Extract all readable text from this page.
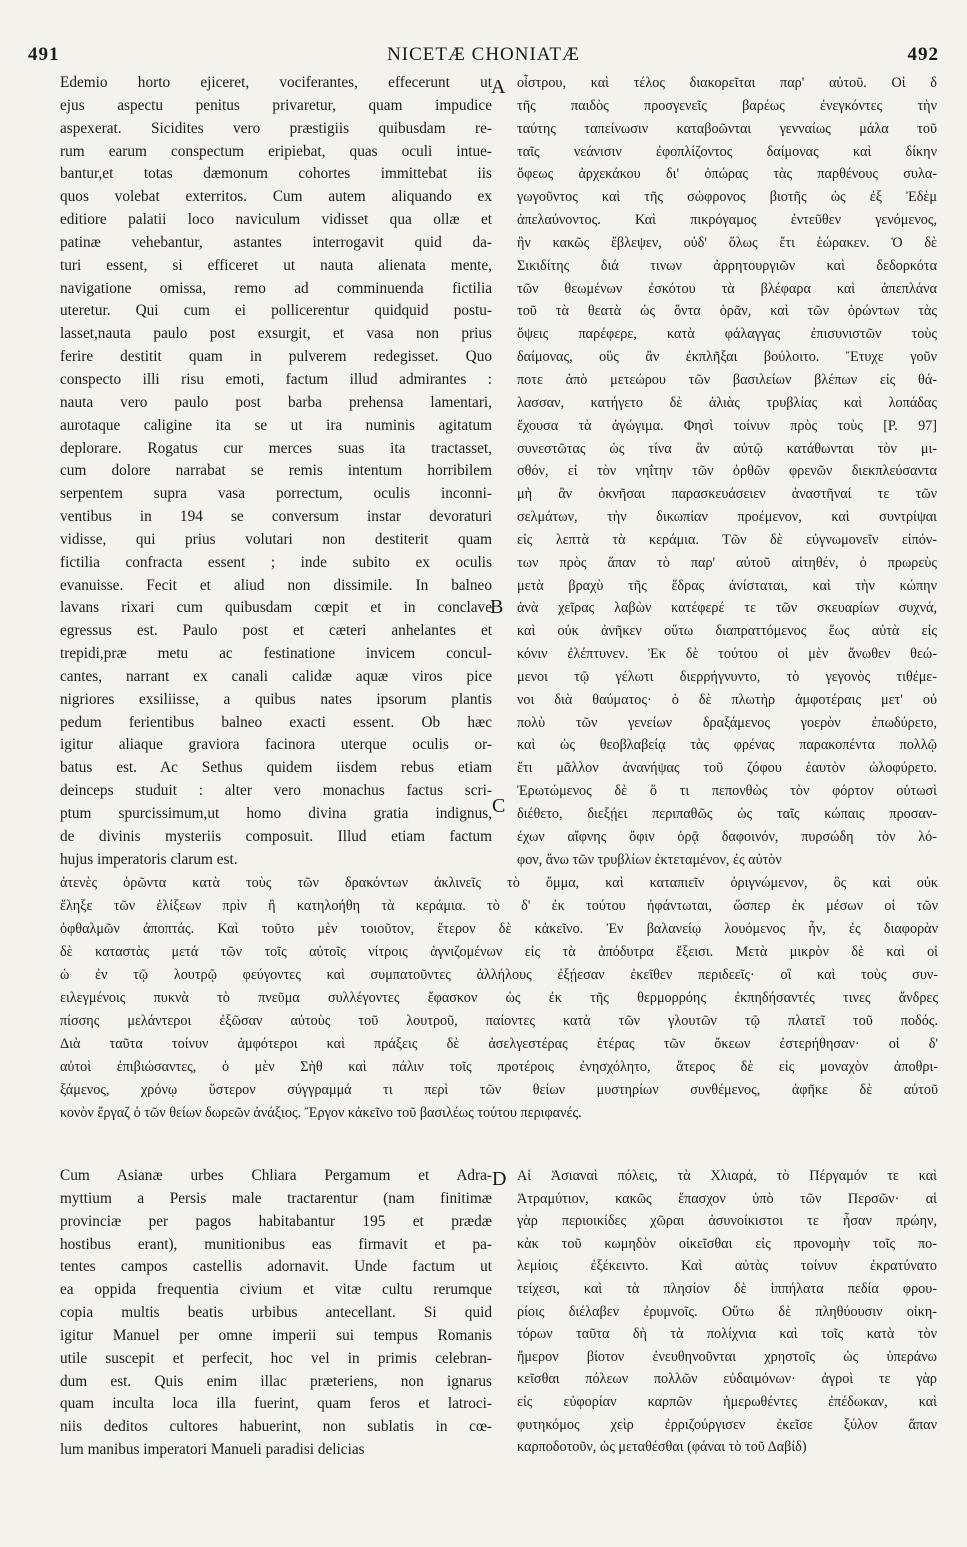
491	NICETÆ CHONIATÆ	492
A
B
C
D
Edemio horto ejiceret, vociferantes, effecerunt ut
ejus aspectu penitus privaretur, quam impudice
aspexerat. Sicidites vero præstigiis quibusdam re-
rum earum conspectum eripiebat, quas oculi intue-
bantur,et totas dæmonum cohortes immittebat iis
quos volebat exterritos. Cum autem aliquando ex
editiore palatii loco naviculum vidisset qua ollæ et
patinæ vehebantur, astantes interrogavit quid da-
turi essent, si efficeret ut nauta alienata mente,
navigatione omissa, remo ad comminuenda fictilia
uteretur. Qui cum ei pollicerentur quidquid postu-
lasset,nauta paulo post exsurgit, et vasa non prius
ferire destitit quam in pulverem redegisset. Quo
conspecto illi risu emoti, factum illud admirantes :
nauta vero paulo post barba prehensa lamentari,
aurotaque caligine ita se ut ira numinis agitatum
deplorare. Rogatus cur merces suas ita tractasset,
cum dolore narrabat se remis intentum horribilem
serpentem supra vasa porrectum, oculis inconni-
ventibus in 194 se conversum instar devoraturi
vidisse, qui prius volutari non destiterit quam
fictilia confracta essent ; inde subito ex oculis
evanuisse. Fecit et aliud non dissimile. In balneo
lavans rixari cum quibusdam cœpit et in conclave
egressus est. Paulo post et cæteri anhelantes et
trepidi,præ metu ac festinatione invicem concul-
cantes, narrant ex canali calidæ aquæ viros pice
nigriores exsiliisse, a quibus nates ipsorum plantis
pedum ferientibus balneo exacti essent. Ob hæc
igitur aliaque graviora facinora uterque oculis or-
batus est. Ac Sethus quidem iisdem rebus etiam
deinceps studuit : alter vero monachus factus scri-
ptum spurcissimum,ut homo divina gratia indignus,
de divinis mysteriis composuit. Illud etiam factum
hujus imperatoris clarum est.
οἶστρου, καὶ τέλος διακορεῖται παρ' αὐτοῦ. Οἱ δ
τῆς παιδὸς προσγενεῖς βαρέως ἐνεγκόντες τὴν
ταύτης ταπείνωσιν καταβοῶνται γενναίως μάλα τοῦ
ταῖς νεάνισιν ἐφοπλίζοντος δαίμονας καὶ δίκην
ὄφεως ἀρχεκάκου δι' ὀπώρας τὰς παρθένους συλα-
γωγοῦντος καὶ τῆς σώφρονος βιοτῆς ὡς ἐξ Ἐδὲμ
ἀπελαύνοντος. Καὶ πικρόγαμος ἐντεῦθεν γενόμενος,
ἣν κακῶς ἔβλεψεν, οὐδ' ὅλως ἔτι ἑώρακεν. Ὁ δὲ
Σικιδίτης διά τινων ἀρρητουργιῶν καὶ δεδορκότα
τῶν θεωμένων ἐσκότου τὰ βλέφαρα καὶ ἀπεπλάνα
τοῦ τὰ θεατὰ ὡς ὄντα ὁρᾶν, καὶ τῶν ὁρώντων τὰς
ὄψεις παρέφερε, κατὰ φάλαγγας ἐπισυνιστῶν τοὺς
δαίμονας, οὓς ἂν ἐκπλῆξαι βούλοιτο. Ἔτυχε γοῦν
ποτε ἀπὸ μετεώρου τῶν βασιλείων βλέπων εἰς θά-
λασσαν, κατήγετο δὲ ἀλιὰς τρυβλίας καὶ λοπάδας
ἔχουσα τὰ ἀγώγιμα. Φησὶ τοίνυν πρὸς τοὺς [P. 97]
συνεστῶτας ὡς τίνα ἂν αὐτῷ κατάθωνται τὸν μι-
σθόν, εἰ τὸν νηΐτην τῶν ὀρθῶν φρενῶν διεκπλεύσαντα
μὴ ἂν ὀκνῆσαι παρασκευάσειεν ἀναστῆναί τε τῶν
σελμάτων, τὴν δικωπίαν προέμενον, καὶ συντρίψαι
εἰς λεπτὰ τὰ κεράμια. Τῶν δὲ εὐγνωμονεῖν εἰπόν-
των πρὸς ἅπαν τὸ παρ' αὐτοῦ αἰτηθέν, ὁ πρωρεὺς
μετὰ βραχὺ τῆς ἕδρας ἀνίσταται, καὶ τὴν κώπην
ἀνὰ χεῖρας λαβὼν κατέφερέ τε τῶν σκευαρίων συχνά,
καὶ οὐκ ἀνῆκεν οὕτω διαπραττόμενος ἕως αὐτὰ εἰς
κόνιν ἐλέπτυνεν. Ἐκ δὲ τούτου οἱ μὲν ἄνωθεν θεώ-
μενοι τῷ γέλωτι διερρήγνυντο, τὸ γεγονὸς τιθέμε-
νοι διὰ θαύματος· ὁ δὲ πλωτὴρ ἀμφοτέραις μετ' οὐ
πολὺ τῶν γενείων δραξάμενος γοερὸν ἐπωδύρετο,
καὶ ὡς θεοβλαβείᾳ τὰς φρένας παρακοπέντα πολλῷ
ἔτι μᾶλλον ἀνανήψας τοῦ ζόφου ἑαυτὸν ὠλοφύρετο.
Ἐρωτώμενος δὲ ὅ τι πεπονθὼς τὸν φόρτον οὑτωσὶ
διέθετο, διεξῄει περιπαθῶς ὡς ταῖς κώπαις προσαν-
έχων αἴφνης ὄφιν ὁρᾷ δαφοινόν, πυρσώδη τὸν λό-
φον, ἄνω τῶν τρυβλίων ἐκτεταμένον, ἐς αὐτὸν
ἀτενὲς ὁρῶντα κατὰ τοὺς τῶν δρακόντων ἀκλινεῖς τὸ ὄμμα, καὶ καταπιεῖν ὀριγνώμενον, ὃς καὶ οὐκ
ἔληξε τῶν ἑλίξεων πρὶν ἢ κατηλοήθη τὰ κεράμια. τὸ δ' ἐκ τούτου ἠφάντωται, ὥσπερ ἐκ μέσων οἱ τῶν
ὀφθαλμῶν ἀποπτάς. Καὶ τοῦτο μὲν τοιοῦτον, ἕτερον δὲ κἀκεῖνο. Ἐν βαλανείῳ λουόμενος ἦν, ἐς διαφορὰν
δὲ καταστὰς μετά τῶν τοῖς αὐτοῖς νίτροις ἁγνιζομένων εἰς τὰ ἀπόδυτρα ἔξεισι. Μετὰ μικρὸν δὲ καὶ οἱ
ὡ ἐν τῷ λουτρῷ φεύγοντες καὶ συμπατοῦντες ἀλλήλους ἐξῄεσαν ἐκεῖθεν περιδεεῖς· οἳ καὶ τοὺς συν-
ειλεγμένοις πυκνὰ τὸ πνεῦμα συλλέγοντες ἔφασκον ὡς ἐκ τῆς θερμορρόης ἐκπηδήσαντές τινες ἄνδρες
πίσσης μελάντεροι ἐξῶσαν αὐτοὺς τοῦ λουτροῦ, παίοντες κατὰ τῶν γλουτῶν τῷ πλατεῖ τοῦ ποδός.
Διὰ ταῦτα τοίνυν ἀμφότεροι καὶ πράξεις δὲ ἀσελγεστέρας ἑτέρας τῶν ὄκεων ἐστερήθησαν· οἱ δ'
αὐτοὶ ἐπιβιώσαντες, ὁ μὲν Σὴθ καὶ πάλιν τοῖς προτέροις ἐνησχόλητο, ἅτερος δὲ εἰς μοναχὸν ἀποθρι-
ξάμενος, χρόνῳ ὕστερον σύγγραμμά τι περὶ τῶν θείων μυστηρίων συνθέμενος, ἀφῆκε δὲ αὐτοῦ
κονὸν ἔργαζ ὁ τῶν θείων δωρεῶν ἀνάξιος. Ἔργον κἀκεῖνο τοῦ βασιλέως τούτου περιφανές.
Cum Asianæ urbes Chliara Pergamum et Adra-
myttium a Persis male tractarentur (nam finitimæ
provinciæ per pagos habitabantur 195 et prædæ
hostibus erant), munitionibus eas firmavit et pa-
tentes campos castellis adornavit. Unde factum ut
ea oppida frequentia civium et vitæ cultu rerumque
copia multis beatis urbibus antecellant. Si quid
igitur Manuel per omne imperii sui tempus Romanis
utile suscepit et perfecit, hoc vel in primis celebran-
dum est. Quis enim illac præteriens, non ignarus
quam inculta loca illa fuerint, quam feros et latroci-
niis deditos cultores habuerint, non sublatis in cœ-
lum manibus imperatori Manueli paradisi delicias
Αἱ Ἀσιαναὶ πόλεις, τὰ Χλιαρά, τὸ Πέργαμόν τε καὶ
Ἀτραμύτιον, κακῶς ἔπασχον ὑπὸ τῶν Περσῶν· αἱ
γὰρ περιοικίδες χῶραι ἀσυνοίκιστοι τε ἦσαν πρώην,
κὰκ τοῦ κωμηδὸν οἰκεῖσθαι εἰς προνομὴν τοῖς πο-
λεμίοις ἐξέκειντο. Καὶ αὐτὰς τοίνυν ἐκρατύνατο
τείχεσι, καὶ τὰ πλησίον δὲ ἱππήλατα πεδία φρου-
ρίοις διέλαβεν ἐρυμνοῖς. Οὕτω δὲ πληθύουσιν οἰκη-
τόρων ταῦτα δὴ τὰ πολίχνια καὶ τοῖς κατὰ τὸν
ἥμερον βίοτον ἐνευθηνοῦνται χρηστοῖς ὡς ὑπεράνω
κεῖσθαι πόλεων πολλῶν εὐδαιμόνων· ἀγροὶ τε γὰρ
εἰς εὐφορίαν καρπῶν ἡμερωθέντες ἐπέδωκαν, καὶ
φυτηκόμος χεὶρ ἐρριζούργισεν ἐκεῖσε ξύλον ἅπαν
καρποδοτοῦν, ὡς μεταθέσθαι (φάναι τὸ τοῦ Δαβίδ)
